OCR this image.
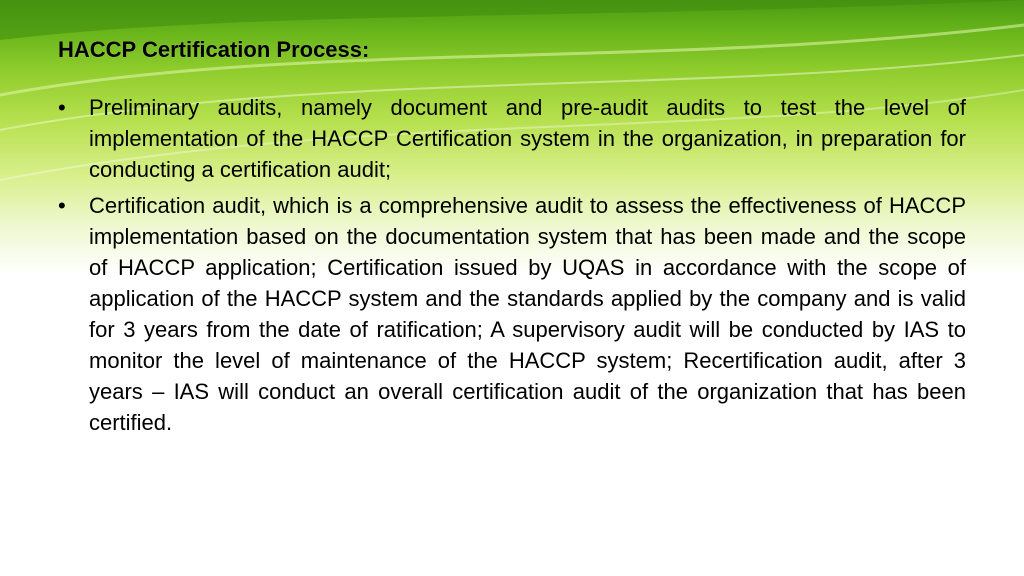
HACCP Certification Process:
•	Preliminary audits, namely document and pre-audit audits to test the level of implementation of the HACCP Certification system in the organization, in preparation for conducting a certification audit;
•	Certification audit, which is a comprehensive audit to assess the effectiveness of HACCP implementation based on the documentation system that has been made and the scope of HACCP application; Certification issued by UQAS in accordance with the scope of application of the HACCP system and the standards applied by the company and is valid for 3 years from the date of ratification; A supervisory audit will be conducted by IAS to monitor the level of maintenance of the HACCP system; Recertification audit, after 3 years – IAS will conduct an overall certification audit of the organization that has been certified.
